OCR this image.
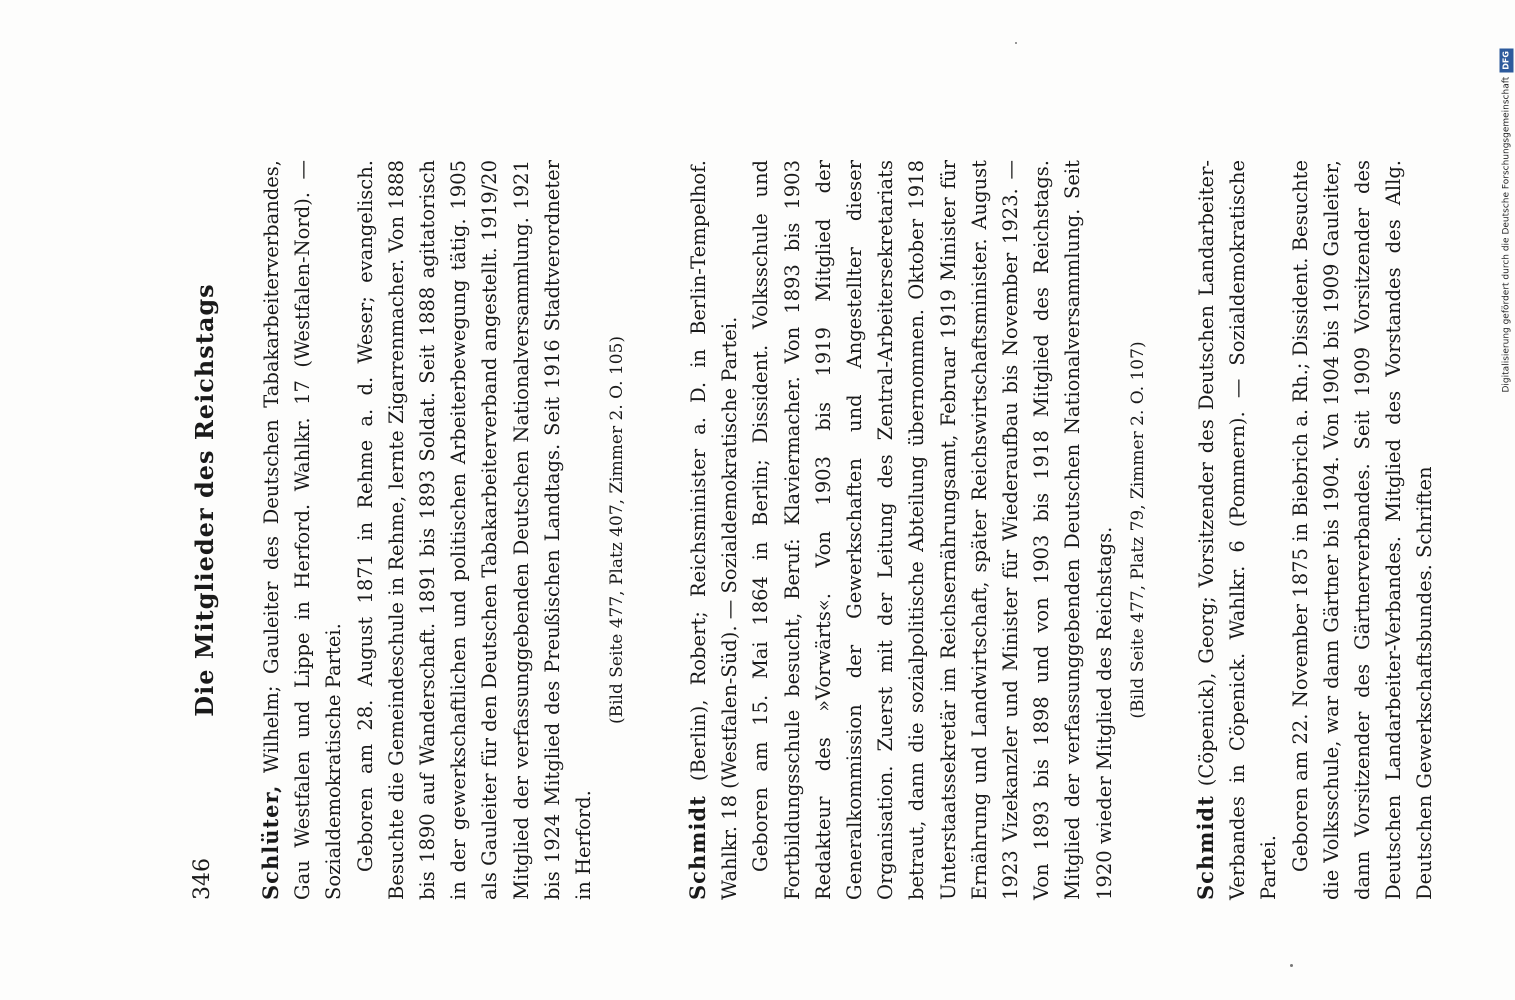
Die Mitglieder des Reichstags
346 Schlüter, Wilhelm; Gauleiter des Deutschen Tabakarbeiterverbandes, Gau Westfalen und Lippe in Herford. Wahlkr. 17 (Westfalen-Nord). — Sozialdemokratische Partei. Geboren am 28. August 1871 in Rehme a. d. Weser; evangelisch. Besuchte die Gemeindeschule in Rehme, lernte Zigarrenmacher. Von 1888 bis 1890 auf Wanderschaft. 1891 bis 1893 Soldat. Seit 1888 agitatorisch in der gewerkschaftlichen und politischen Arbeiterbewegung tätig. 1905 als Gauleiter für den Deutschen Tabakarbeiterverband angestellt. 1919/20 Mitglied der verfassunggebenden Deutschen Nationalversammlung. 1921 bis 1924 Mitglied des Preußischen Landtags. Seit 1916 Stadtverordneter in Herford.

(Bild Seite 477, Platz 407, Zimmer 2. O. 105)

Schmidt (Berlin), Robert; Reichsminister a. D. in Berlin-Tempelhof. Wahlkr. 18 (Westfalen-Süd). — Sozialdemokratische Partei. Geboren am 15. Mai 1864 in Berlin; Dissident. Volksschule und Fortbildungsschule besucht, Beruf: Klaviermacher. Von 1893 bis 1903 Redakteur des »Vorwärts«. Von 1903 bis 1919 Mitglied der Generalkommission der Gewerkschaften und Angestellter dieser Organisation. Zuerst mit der Leitung des Zentral-Arbeitersekretariats betraut, dann die sozialpolitische Abteilung übernommen. Oktober 1918 Unterstaatssekretär im Reichsernährungsamt, Februar 1919 Minister für Ernährung und Landwirtschaft, später Reichswirtschaftsminister. August 1923 Vizekanzler und Minister für Wiederaufbau bis November 1923. — Von 1893 bis 1898 und von 1903 bis 1918 Mitglied des Reichstags. Mitglied der verfassunggebenden Deutschen Nationalversammlung. Seit 1920 wieder Mitglied des Reichstags. (Bild Seite 477, Platz 79, Zimmer 2. O. 107)

Schmidt (Cöpenick), Georg; Vorsitzender des Deutschen Landarbeiter-Verbandes in Cöpenick. Wahlkr. 6 (Pommern). — Sozialdemokratische Partei. Geboren am 22. November 1875 in Biebrich a. Rh.; Dissident. Besuchte die Volksschule, war dann Gärtner bis 1904. Von 1904 bis 1909 Gauleiter, dann Vorsitzender des Gärtnerverbandes. Seit 1909 Vorsitzender des Deutschen Landarbeiter-Verbandes. Mitglied des Vorstandes des Allg. Deutschen Gewerkschaftsbundes. Schriften

Digitalisierung gefördert durch die Deutsche ForschungsgemeinschaftDFG
